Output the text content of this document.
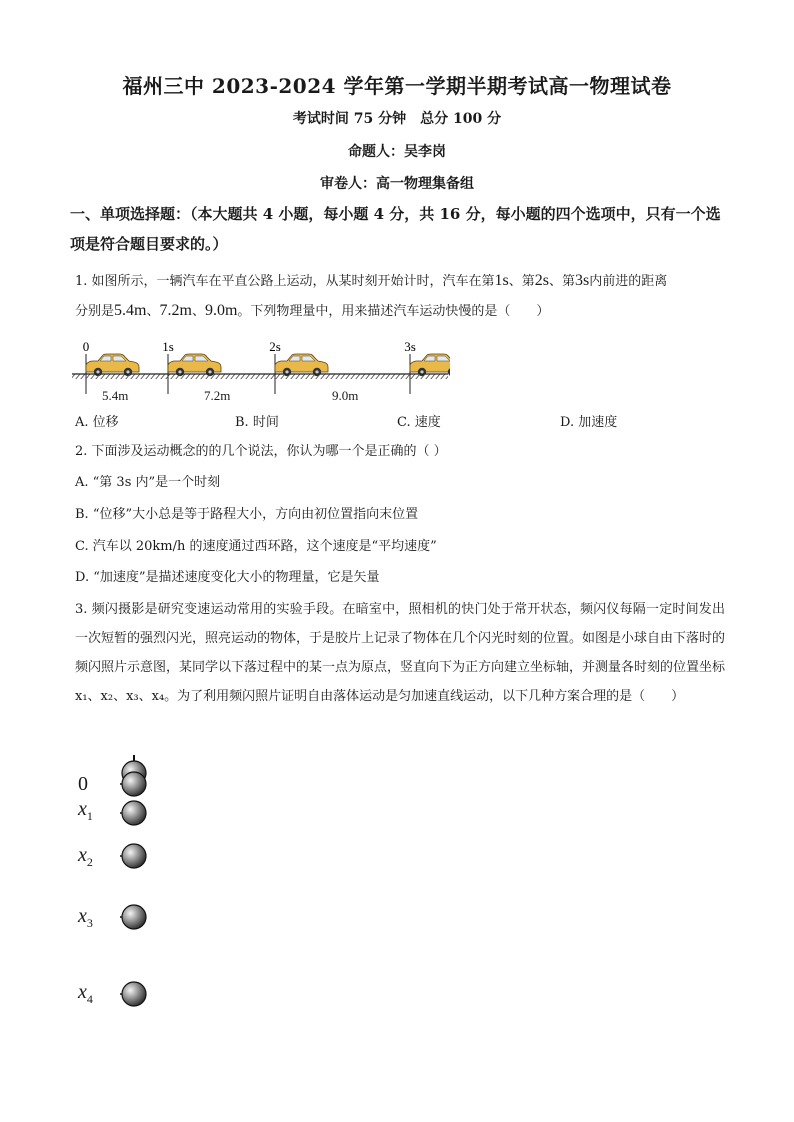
福州三中 2023-2024 学年第一学期半期考试高一物理试卷
考试时间 75 分钟　总分 100 分
命题人：吴李岗
审卷人：高一物理集备组
一、单项选择题：（本大题共 4 小题，每小题 4 分，共 16 分，每小题的四个选项中，只有一个选项是符合题目要求的。）
1. 如图所示，一辆汽车在平直公路上运动，从某时刻开始计时，汽车在第1s、第2s、第3s内前进的距离
分别是5.4m、7.2m、9.0m。下列物理量中，用来描述汽车运动快慢的是（　　）
0	1s	2s	3s
5.4m	7.2m	9.0m
A. 位移	B. 时间	C. 速度	D. 加速度
2. 下面涉及运动概念的的几个说法，你认为哪一个是正确的（ ）
A. “第 3s 内”是一个时刻
B. “位移”大小总是等于路程大小，方向由初位置指向末位置
C. 汽车以 20km/h 的速度通过西环路，这个速度是“平均速度”
D. “加速度”是描述速度变化大小的物理量，它是矢量
3. 频闪摄影是研究变速运动常用的实验手段。在暗室中，照相机的快门处于常开状态，频闪仪每隔一定时间发出一次短暂的强烈闪光，照亮运动的物体，于是胶片上记录了物体在几个闪光时刻的位置。如图是小球自由下落时的频闪照片示意图，某同学以下落过程中的某一点为原点，竖直向下为正方向建立坐标轴，并测量各时刻的位置坐标 x₁、x₂、x₃、x₄。为了利用频闪照片证明自由落体运动是匀加速直线运动，以下几种方案合理的是（　　）
0
$x_1$
$x_2$
$x_3$
$x_4$
